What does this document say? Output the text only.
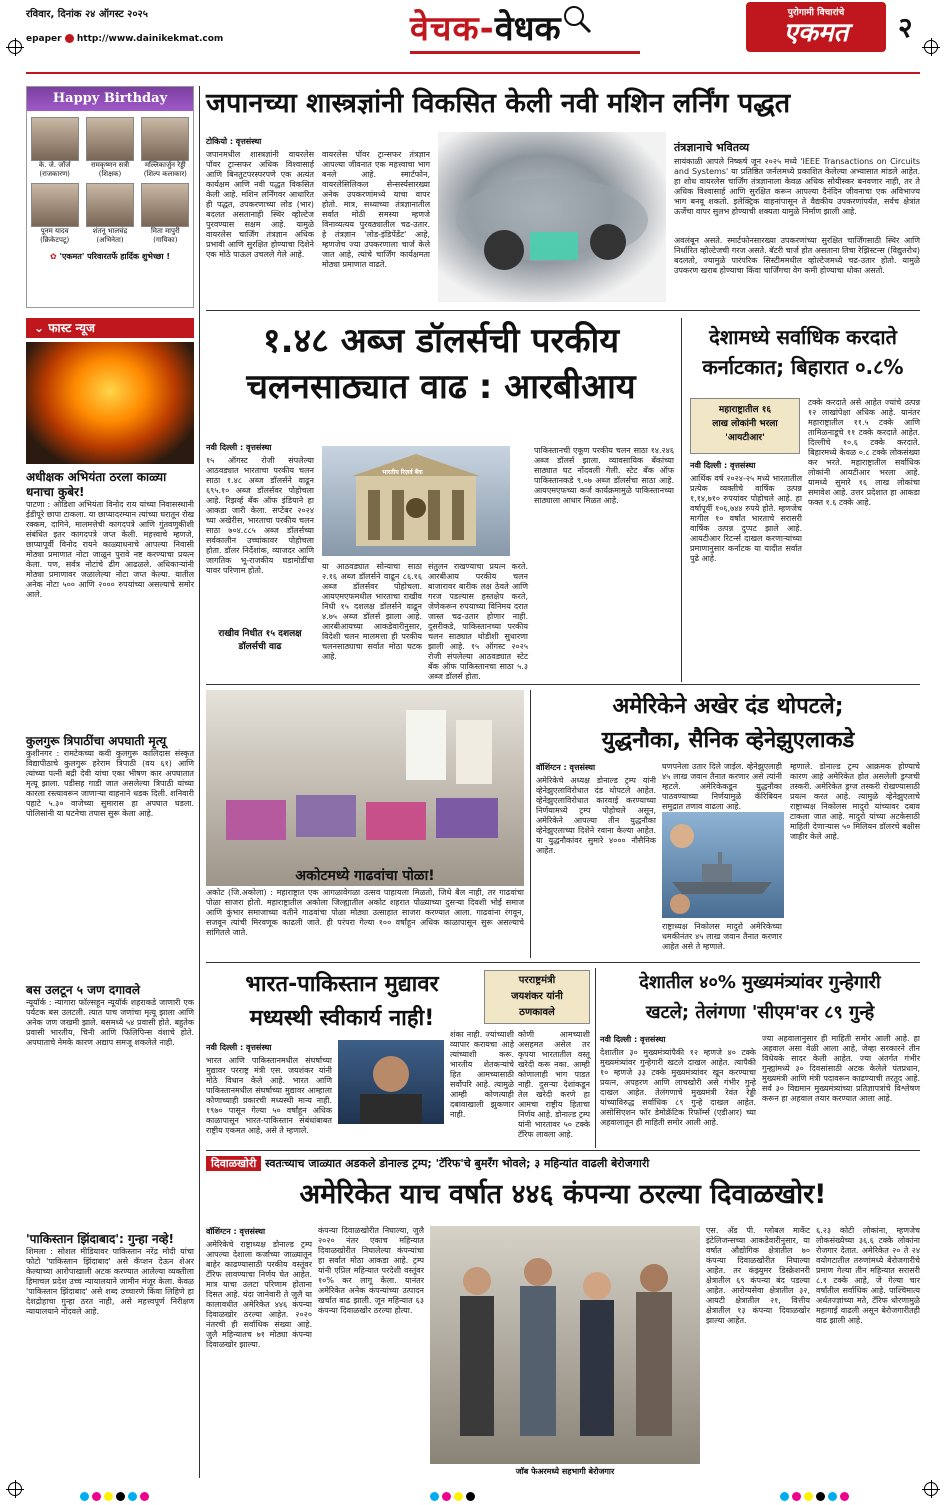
रविवार, दिनांक २४ ऑगस्ट २०२५
epaper http://www.dainikekmat.com	वेचक-वेधक	पुरोगामी विचारांचे
एकमत	२
Happy Birthday
के. जे. जॉर्ज
(राजकारण)
रामकृष्णन सत्री
(शिक्षक)
मल्लिकार्जुन रेड्डी
(शिल्प कलाकार)
पूनम यादव
(क्रिकेटपटू)
शंतनू भालचंद्र
(अभिनेता)
मिता मापुरी
(गायिका)
✿ 'एकमत' परिवारतर्फे हार्दिक शुभेच्छा !
⌄ फास्ट न्यूज
अधीक्षक अभियंता ठरला काळ्या धनाचा कुबेर!
पाटणा : ओडिशा अभियंता विनोद राय यांच्या निवासस्थानी ईडीपूरे छापा टाकला. या छाप्यादरम्यान त्यांच्या घरातून रोख रक्कम, दागिने, मालमत्तेची कागदपत्रे आणि गुंतवणुकीशी संबंधित इतर कागदपत्रे जप्त केली. महत्त्वाचे म्हणजे, छाप्यापूर्वी विनोद रायने काळ्याधनाचे आपल्या निवासी मोठ्या प्रमाणात नोटा जाळून पुरावे नष्ट करण्याचा प्रयत्न केला. पण, सर्वत्र नोटांचे ढीग आढळले. अधिकाऱ्यांनी मोठ्या प्रमाणावर जळालेल्या नोटा जप्त केल्या. यातील अनेक नोटा ५०० आणि २००० रुपयांच्या असल्याचे समोर आले.
कुलगुरू त्रिपाठींचा अपघाती मृत्यू
कुशीनगर : रामटेकच्या कवी कुलगुरू कालिदास संस्कृत विद्यापीठाचे कुलगुरू हरेराम त्रिपाठी (वय ६१) आणि त्यांच्या पत्नी बद्री देवी यांचा एका भीषण कार अपघातात मृत्यू झाला. पडीसह गाडी जात असलेल्या त्रिपाठी यांच्या कारला रस्त्यावरून जाणाऱ्या वाहनाने धडक दिली. शनिवारी पहाटे ५.३० वाजेच्या सुमारास हा अपघात घडला. पोलिसांनी या घटनेचा तपास सुरू केला आहे.
बस उलटून ५ जण दगावले
न्यूयॉर्क : न्यागारा फॉल्सहून न्यूयॉर्क शहराकडे जाणारी एक पर्यटक बस उलटली. त्यात पाच जणांचा मृत्यू झाला आणि अनेक जण जखमी झाले. बसमध्ये ५४ प्रवासी होते. बहुतेक प्रवासी भारतीय, चिनी आणि फिलिपिन्स वंशाचे होते. अपघाताचे नेमके कारण अद्याप समजू शकलेले नाही.
'पाकिस्तान झिंदाबाद': गुन्हा नव्हे!
शिमला : सोशल मीडियावर पाकिस्तान नरेंद्र मोदी यांचा फोटो 'पाकिस्तान झिंदाबाद' असे कॅप्शन देऊन शेअर केल्याच्या आरोपाखाली अटक करण्यात आलेल्या व्यक्तीला हिमाचल प्रदेश उच्च न्यायालयाने जामीन मंजूर केला. केवळ 'पाकिस्तान झिंदाबाद' असे शब्द उच्चारणे किंवा लिहिणे हा देशद्रोहाचा गुन्हा ठरत नाही, असे महत्त्वपूर्ण निरीक्षण न्यायालयाने नोंदवले आहे.
जपानच्या शास्त्रज्ञांनी विकसित केली नवी मशिन लर्निंग पद्धत
टोकियो : वृत्तसंस्था
जपानमधील शास्त्रज्ञांनी वायरलेस पॉवर ट्रान्सफर अधिक विश्वासार्ह आणि बिनतुटपरस्परपणे एक अत्यंत कार्यक्षम आणि नवी पद्धत विकसित केली आहे. मशिन लर्निंगवर आधारित ही पद्धत, उपकरणाच्या लोड (भार) बदलत असतानाही स्थिर व्होल्टेज पुरवण्यास सक्षम आहे. यामुळे वायरलेस चार्जिंग तंत्रज्ञान अधिक प्रभावी आणि सुरक्षित होण्याचा दिशेने एक मोठे पाऊल उचलले गेले आहे.
वायरलेस पॉवर ट्रान्सफर तंत्रज्ञान आपल्या जीवनात एक महत्त्वाचा भाग बनले आहे. स्मार्टफोन, वायरलेसिलिकल सेन्सर्स्यसारख्या अनेक उपकरणांमध्ये याचा वापर होतो. मात्र, सध्याच्या तंत्रज्ञानातील सर्वात मोठी समस्या म्हणजे विनाव्यत्यय पुरवठ्यातील चढ-उतार. हे तंत्रज्ञान 'लोड-इंडिपेंडेंट' आहे, म्हणजेच ज्या उपकरणाला चार्ज केले जात आहे, त्यांचे चार्जिंग कार्यक्षमता मोठ्या प्रमाणात वाढते.
तंत्रज्ञानाचे भवितव्य
सायंकाळी आपले निष्कर्ष जून २०२५ मध्ये 'IEEE Transactions on Circuits and Systems' या प्रतिष्ठित जर्नलमध्ये प्रकाशित केलेल्या अभ्यासात मांडले आहेत. हा शोध वायरलेस चार्जिंग तंत्रज्ञानाला केवळ अधिक सोयीस्कर बनवणार नाही, तर ते अधिक विश्वासार्ह आणि सुरक्षित करून आपल्या दैनंदिन जीवनाचा एक अविभाज्य भाग बनवू शकतो. इलेक्ट्रिक वाहनांपासून ते वैद्यकीय उपकरणांपर्यंत, सर्वच क्षेत्रांत ऊर्जेचा वापर सुलभ होण्याची शक्यता यामुळे निर्माण झाली आहे.
अवलंबून असते. स्मार्टफोनसारख्या उपकरणांच्या सुरक्षित चार्जिंगसाठी स्थिर आणि निर्धारित व्होल्टेजची गरज असते. बॅटरी चार्ज होत असताना तिचा रेझिस्टन्स (विद्युतरोध) बदलतो, ज्यामुळे पारंपरिक सिस्टीममधील व्होल्टेजमध्ये चढ-उतार होतो. यामुळे उपकरण खराब होण्याचा किंवा चार्जिंगचा वेग कमी होण्याचा धोका असतो.
१.४८ अब्ज डॉलर्सची परकीय
चलनसाठ्यात वाढ : आरबीआय
नवी दिल्ली : वृत्तसंस्था
१५ ऑगस्ट रोजी संपलेल्या आठवड्यात भारताचा परकीय चलन साठा १.४८ अब्ज डॉलर्सने वाढून ६९५.१० अब्ज डॉलर्सवर पोहोचला आहे. रिझर्व्ह बँक ऑफ इंडियाने हा आकडा जारी केला. सप्टेंबर २०२४ च्या अखेरीस, भारताचा परकीय चलन साठा ७०४.८८५ अब्ज डॉलर्सच्या सर्वकालीन उच्चांकावर पोहोचला होता. डॉलर निर्देशांक, व्याजदर आणि जागतिक भू-राजकीय घडामोडींचा यावर परिणाम होतो.
राखीव निधीत १५ दशलक्ष डॉलर्सची वाढ
भारतीय रिज़र्व बैंक
या आठवड्यात सोन्याचा साठा २.१६ अब्ज डॉलर्सने वाढून ८६.१६ अब्ज डॉलर्सवर पोहोचला. आयएमएफमधील भारताचा राखीव निधी १५ दशलक्ष डॉलर्सने वाढून ४.७५ अब्ज डॉलर्स झाला आहे. आरबीआयच्या आकडेवारीनुसार, विदेशी चलन मालमत्ता ही परकीय चलनसाठ्याचा सर्वात मोठा घटक आहे.
संतुलन राखण्याचा प्रयत्न करते. आरबीआय परकीय चलन बाजारावर बारीक लक्ष ठेवते आणि गरज पडल्यास हस्तक्षेप करते, जेणेकरून रुपयाच्या विनिमय दरात जास्त चढ-उतार होणार नाही. दुसरीकडे, पाकिस्तानच्या परकीय चलन साठ्यात थोडीशी सुधारणा झाली आहे. १५ ऑगस्ट २०२५ रोजी संपलेल्या आठवड्यात स्टेट बँक ऑफ पाकिस्तानचा साठा ५.३ अब्ज डॉलर्स होता.
पाकिस्तानची एकूण परकीय चलन साठा १४.२४६ अब्ज डॉलर्स झाला. व्यावसायिक बँकांच्या साठ्यात घट नोंदवली गेली. स्टेट बँक ऑफ पाकिस्तानकडे ९.०७ अब्ज डॉलर्सचा साठा आहे. आयएमएफच्या कर्ज कार्यक्रमामुळे पाकिस्तानच्या साठ्याला आधार मिळत आहे.
देशामध्ये सर्वाधिक करदाते
कर्नाटकात; बिहारात ०.८%
महाराष्ट्रातील १६
लाख लोकांनी भरला
'आयटीआर'
नवी दिल्ली : वृत्तसंस्था
आर्थिक वर्ष २०२४-२५ मध्ये भारतातील प्रत्येक व्यक्तीचे वार्षिक उत्पन्न १,१४,७१० रुपयांवर पोहोचले आहे. हा वर्षापूर्वी १०६,७४४ रुपये होते. म्हणजेच मागील १० वर्षांत भारताचे सरासरी वार्षिक उत्पन्न दुप्पट झाले आहे. आयटीआर रिटर्न्स दाखल करणाऱ्यांच्या प्रमाणानुसार कर्नाटक या यादीत सर्वात पुढे आहे.
टक्के करदाते असे आहेत ज्यांचे उत्पन्न १२ लाखांपेक्षा अधिक आहे. यानंतर महाराष्ट्रातील ११.५ टक्के आणि तामिळनाडूचे ११ टक्के करदाते आहेत. दिल्लीचे १०.६ टक्के करदाते. बिहारमध्ये केवळ ०.८ टक्के लोकसंख्या कर भरते. महाराष्ट्रातील सर्वाधिक लोकांनी आयटीआर भरला आहे. यामध्ये सुमारे १६ लाख लोकांचा समावेश आहे. उत्तर प्रदेशात हा आकडा फक्त १.६ टक्के आहे.
अकोटमध्ये गाढवांचा पोळा!
अकोट (जि.अकोला) : महाराष्ट्रात एक आगळावेगळा उत्सव पाहायला मिळतो, जिथे बैल नाही, तर गाढवांचा पोळा साजरा होतो. महाराष्ट्रातील अकोला जिल्ह्यातील अकोट शहरात पोळ्याच्या दुसऱ्या दिवशी भोई समाज आणि कुंभार समाजाच्या वतीने गाढवांचा पोळा मोठ्या उत्साहात साजरा करण्यात आला. गाढवांना रंगवून, सजवून त्यांची मिरवणूक काढली जाते. ही परंपरा गेल्या १०० वर्षांहून अधिक काळापासून सुरू असल्याचे सांगितले जाते.
अमेरिकेने अखेर दंड थोपटले;
युद्धनौका, सैनिक व्हेनेझुएलाकडे
वॉशिंग्टन : वृत्तसंस्था
अमेरिकेचे अध्यक्ष डोनाल्ड ट्रम्प यांनी व्हेनेझुएलाविरोधात दंड थोपटले आहेत. व्हेनेझुएलाविरोधात कारवाई करण्याच्या निर्णयामध्ये ट्रम्प पोहोचले असून, अमेरिकेने आपल्या तीन युद्धनौका व्हेनेझुएलाच्या दिशेने रवाना केल्या आहेत. या युद्धनौकांवर सुमारे ४००० नौसैनिक आहेत.
घणपनेला उतार दिले जाईल. व्हेनेझुएलाही ४५ लाख जवान तैनात करणार असे त्यांनी म्हटले. अमेरिकेकडून युद्धनौका पाठवण्याच्या निर्णयामुळे कॅरिबियन समुद्रात तणाव वाढला आहे.
राष्ट्राध्यक्ष निकोलस मादुरो अमेरिकेच्या धमकीनंतर ४५ लाख जवान तैनात करणार आहेत असे ते म्हणाले.
म्हणाले. डोनाल्ड ट्रम्प आक्रमक होण्याचे कारण आहे अमेरिकेत होत असलेली ड्रग्जची तस्करी. अमेरिकेत ड्रग्ज तस्करी रोखण्यासाठी प्रयत्न करत आहे. त्यामुळे व्हेनेझुएलाचे राष्ट्राध्यक्ष निकोलस मादुरो यांच्यावर दबाव टाकला जात आहे. मादुरो यांच्या अटकेसाठी माहिती देणाऱ्यास ५० मिलियन डॉलरचे बक्षीस जाहीर केले आहे.
भारत-पाकिस्तान मुद्यावर
मध्यस्थी स्वीकार्य नाही!
परराष्ट्रमंत्री
जयशंकर यांनी
ठणकावले
नवी दिल्ली : वृत्तसंस्था
भारत आणि पाकिस्तानमधील संघर्षाच्या मुद्यावर परराष्ट्र मंत्री एस. जयशंकर यांनी मोठे विधान केले आहे. भारत आणि पाकिस्तानमधील संघर्षाच्या मुद्यावर आम्हाला कोणाच्याही प्रकारची मध्यस्थी मान्य नाही. १९७० पासून गेल्या ५० वर्षांहून अधिक काळापासून भारत-पाकिस्तान संबंधांबाबत राष्ट्रीय एकमत आहे, असे ते म्हणाले.
शंका नाही. ज्यांच्याशी व्यापार करायचा आहे त्यांच्याशी करू. भारतीय शेतकऱ्यांचे हित आमच्यासाठी सर्वोपरि आहे. त्यामुळे आम्ही कोणत्याही दबावाखाली झुकणार नाही.
कोणी आमच्याशी असहमत असेल तर कृपया भारतातील वस्तू खरेदी करू नका. आम्ही कोणालाही भाग पाडत नाही. दुसऱ्या देशांकडून तेल खरेदी करणे हा आमचा राष्ट्रीय हिताचा निर्णय आहे. डोनाल्ड ट्रम्प यांनी भारतावर ५० टक्के टॅरिफ लावला आहे.
देशातील ४०% मुख्यमंत्र्यांवर गुन्हेगारी
खटले; तेलंगणा 'सीएम'वर ८९ गुन्हे
नवी दिल्ली : वृत्तसंस्था
देशातील ३० मुख्यमंत्र्यांपैकी १२ म्हणजे ४० टक्के मुख्यमंत्र्यांवर गुन्हेगारी खटले दाखल आहेत. त्यापैकी १० म्हणजे ३३ टक्के मुख्यमंत्र्यांवर खून करण्याचा प्रयत्न, अपहरण आणि लाचखोरी असे गंभीर गुन्हे दाखल आहेत. तेलंगणाचे मुख्यमंत्री रेवंत रेड्डी यांच्याविरुद्ध सर्वाधिक ८९ गुन्हे दाखल आहेत. असोसिएशन फॉर डेमोक्रॅटिक रिफॉर्म्स (एडीआर) च्या अहवालातून ही माहिती समोर आली आहे.
ज्या अहवालानुसार ही माहिती समोर आली आहे. हा अहवाल असा वेळी आला आहे, जेव्हा सरकारने तीन विधेयके सादर केली आहेत. ज्या अंतर्गत गंभीर गुन्ह्यांमध्ये ३० दिवसांसाठी अटक केलेले पंतप्रधान, मुख्यमंत्री आणि मंत्री पदावरून काढण्याची तरतूद आहे. सर्व ३० विद्यमान मुख्यमंत्र्यांच्या प्रतिज्ञापत्रांचे विश्लेषण करून हा अहवाल तयार करण्यात आला आहे.
दिवाळखोरी स्वतःच्याच जाळ्यात अडकले डोनाल्ड ट्रम्प; 'टॅरिफ'चे बुमरँग भोवले; ३ महिन्यांत वाढली बेरोजगारी
अमेरिकेत याच वर्षात ४४६ कंपन्या ठरल्या दिवाळखोर!
वॉशिंग्टन : वृत्तसंस्था
अमेरिकेचे राष्ट्राध्यक्ष डोनाल्ड ट्रम्प आपल्या देशाला कर्जाच्या जाळ्यातून बाहेर काढण्यासाठी परकीय वस्तूंवर टॅरिफ लावण्याचा निर्णय घेत आहेत. मात्र याचा उलटा परिणाम होताना दिसत आहे. यंदा जानेवारी ते जुलै या कालावधीत अमेरिकेत ४४६ कंपन्या दिवाळखोर ठरल्या आहेत. २०२० नंतरची ही सर्वाधिक संख्या आहे. जुलै महिन्यातच ७१ मोठ्या कंपन्या दिवाळखोर झाल्या.
कंपन्या दिवाळखोरीत निघाल्या, जुलै २०२० नंतर एकाच महिन्यात दिवाळखोरीत निघालेल्या कंपन्यांचा हा सर्वात मोठा आकडा आहे. ट्रम्प यांनी एप्रिल महिन्यात परदेशी वस्तूंवर १०% कर लागू केला. यानंतर अमेरिकेत अनेक कंपन्यांच्या उत्पादन खर्चात वाढ झाली. जून महिन्यात ६३ कंपन्या दिवाळखोर ठरल्या होत्या.
जाॅब फेअरमध्ये सहभागी बेरोजगार
एस. अँड पी. ग्लोबल मार्केट इंटेलिजन्सच्या आकडेवारीनुसार, या वर्षात औद्योगिक क्षेत्रातील ७० कंपन्या दिवाळखोरीत निघाल्या आहेत. तर कंझ्युमर डिस्क्रेशनरी क्षेत्रातील ६९ कंपन्या बंद पडल्या आहेत. आरोग्यसेवा क्षेत्रातील ३२, आयटी क्षेत्रातील २१, वित्तीय क्षेत्रातील १३ कंपन्या दिवाळखोर झाल्या आहेत.
६.२३ कोटी लोकांना, म्हणजेच लोकसंख्येच्या ३६.६ टक्के लोकांना रोजगार देतात. अमेरिकेत २० ते २४ वयोगटातील तरुणांमध्ये बेरोजगारीचे प्रमाण गेल्या तीन महिन्यात सरासरी ८.१ टक्के आहे, जे गेल्या चार वर्षांतील सर्वाधिक आहे. पाश्चिमात्य अर्थतज्ज्ञांच्या मते, टॅरिफ धोरणामुळे महागाई वाढली असून बेरोजगारीतही वाढ झाली आहे.
